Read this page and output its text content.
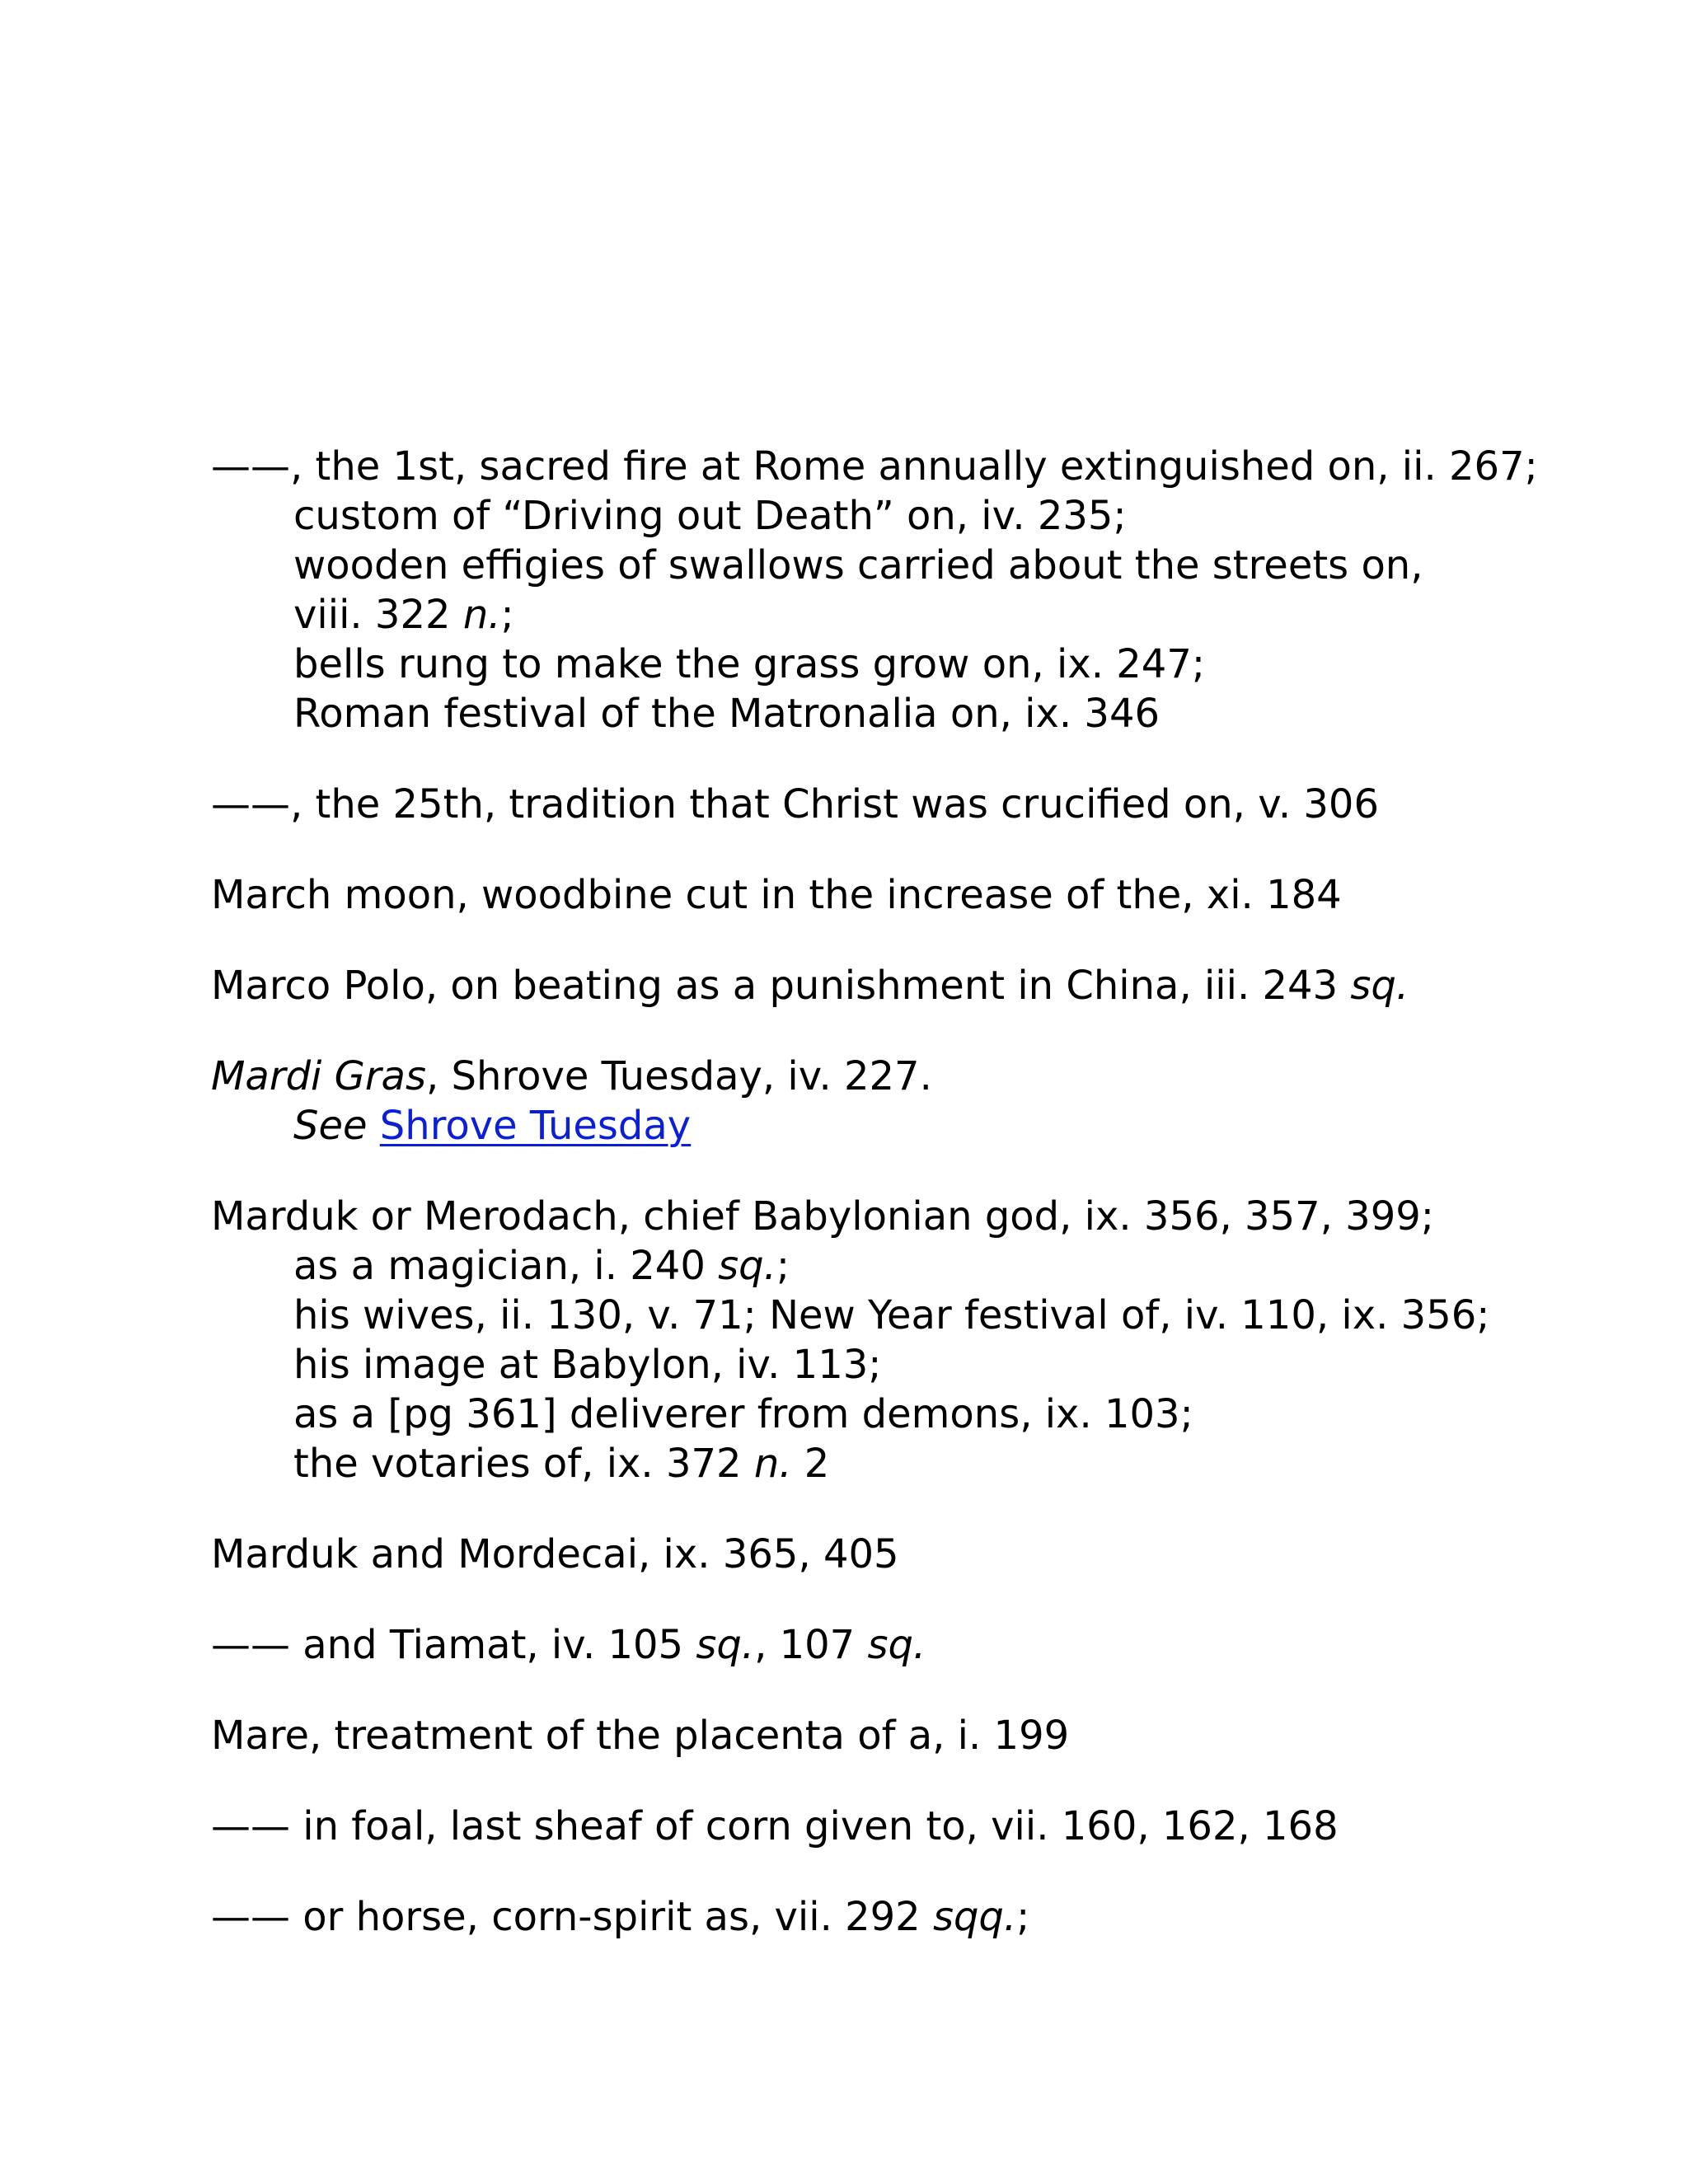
——, the 1st, sacred fire at Rome annually extinguished on, ii. 267;
custom of “Driving out Death” on, iv. 235;
wooden effigies of swallows carried about the streets on, viii. 322 n.;
bells rung to make the grass grow on, ix. 247;
Roman festival of the Matronalia on, ix. 346
——, the 25th, tradition that Christ was crucified on, v. 306
March moon, woodbine cut in the increase of the, xi. 184
Marco Polo, on beating as a punishment in China, iii. 243 sq.
Mardi Gras, Shrove Tuesday, iv. 227.
See Shrove Tuesday
Marduk or Merodach, chief Babylonian god, ix. 356, 357, 399;
as a magician, i. 240 sq.;
his wives, ii. 130, v. 71; New Year festival of, iv. 110, ix. 356;
his image at Babylon, iv. 113;
as a [pg 361] deliverer from demons, ix. 103;
the votaries of, ix. 372 n. 2
Marduk and Mordecai, ix. 365, 405
—— and Tiamat, iv. 105 sq., 107 sq.
Mare, treatment of the placenta of a, i. 199
—— in foal, last sheaf of corn given to, vii. 160, 162, 168
—— or horse, corn-spirit as, vii. 292 sqq.;
